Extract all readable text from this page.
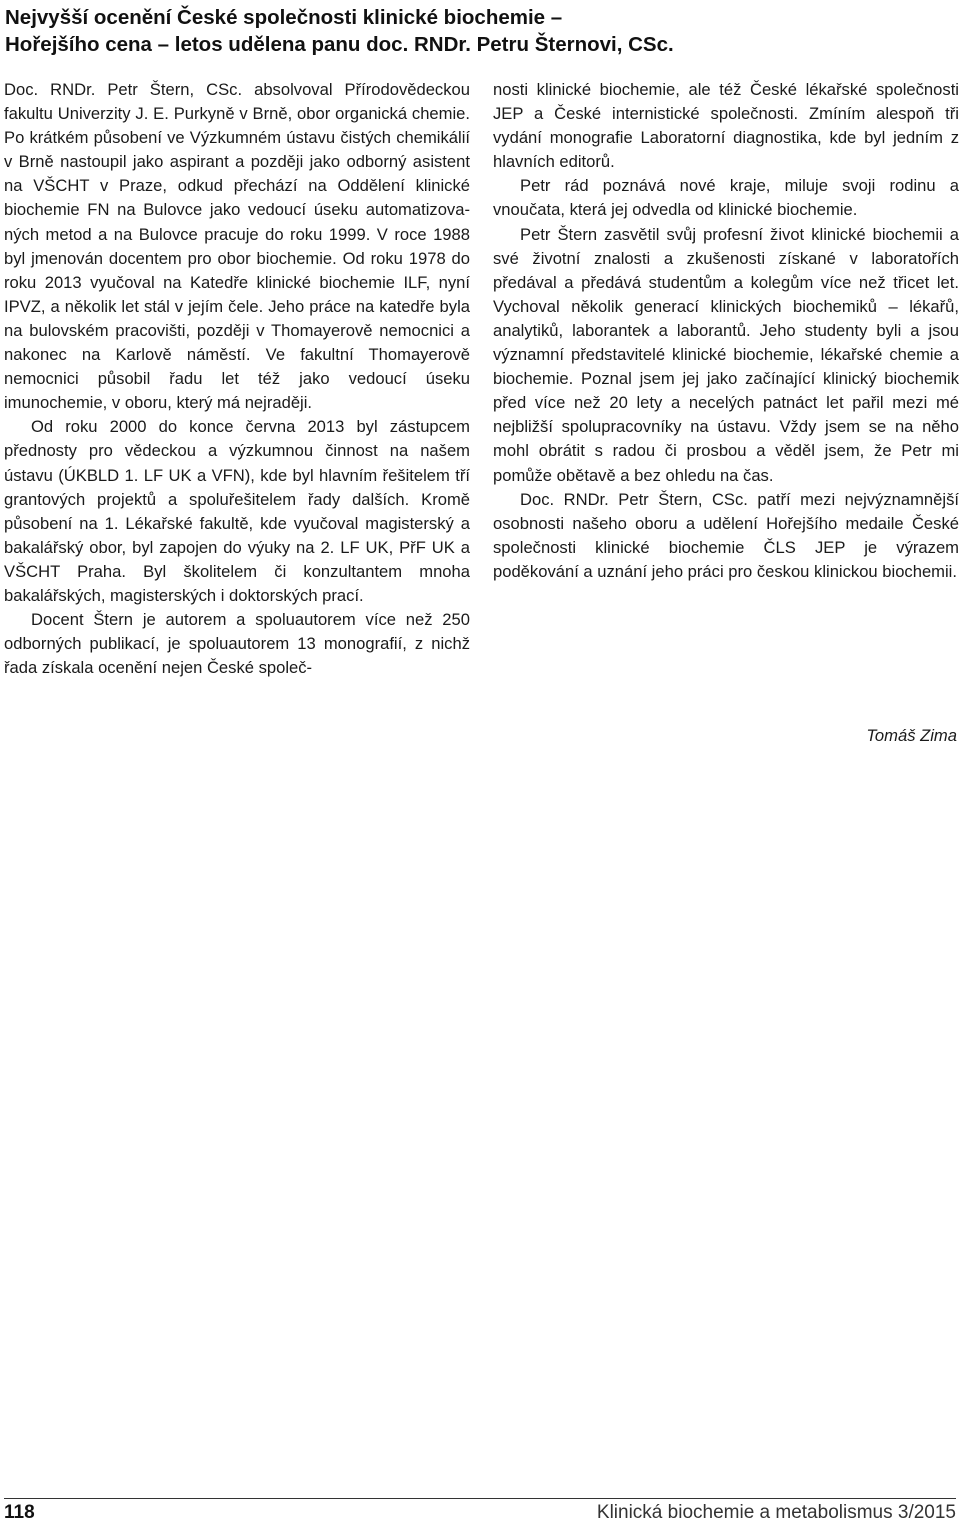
Nejvyšší ocenění České společnosti klinické biochemie –
Hořejšího cena – letos udělena panu doc. RNDr. Petru Šternovi, CSc.

Doc. RNDr. Petr Štern, CSc. absolvoval Přírodovědeckou fakultu Univerzity J. E. Purkyně v Brně, obor organická chemie. Po krátkém působení ve Výzkumném ústavu čistých chemikálií v Brně nastoupil jako aspirant a později jako odborný asistent na VŠCHT v Praze, odkud přechází na Oddělení klinické biochemie FN na Bulovce jako vedoucí úseku automatizovaných metod a na Bulovce pracuje do roku 1999. V roce 1988 byl jmenován docentem pro obor biochemie. Od roku 1978 do roku 2013 vyučoval na Katedře klinické biochemie ILF, nyní IPVZ, a několik let stál v jejím čele. Jeho práce na katedře byla na bulovském pracovišti, později v Thomayerově nemocnici a nakonec na Karlově náměstí. Ve fakultní Thomayerově nemocnici působil řadu let též jako vedoucí úseku imunochemie, v oboru, který má nejraději.

Od roku 2000 do konce června 2013 byl zástupcem přednosty pro vědeckou a výzkumnou činnost na našem ústavu (ÚKBLD 1. LF UK a VFN), kde byl hlavním řešitelem tří grantových projektů a spoluřešitelem řady dalších. Kromě působení na 1. Lékařské fakultě, kde vyučoval magisterský a bakalářský obor, byl zapojen do výuky na 2. LF UK, PřF UK a VŠCHT Praha. Byl školitelem či konzultantem mnoha bakalářských, magisterských i doktorských prací.

Docent Štern je autorem a spoluautorem více než 250 odborných publikací, je spoluautorem 13 monografií, z nichž řada získala ocenění nejen České společ-

nosti klinické biochemie, ale též České lékařské společnosti JEP a České internistické společnosti. Zmíním alespoň tři vydání monografie Laboratorní diagnostika, kde byl jedním z hlavních editorů.

Petr rád poznává nové kraje, miluje svoji rodinu a vnoučata, která jej odvedla od klinické biochemie.

Petr Štern zasvětil svůj profesní život klinické biochemii a své životní znalosti a zkušenosti získané v laboratořích předával a předává studentům a kolegům více než třicet let. Vychoval několik generací klinických biochemiků – lékařů, analytiků, laborantek a laborantů. Jeho studenty byli a jsou významní představitelé klinické biochemie, lékařské chemie a biochemie. Poznal jsem jej jako začínající klinický biochemik před více než 20 lety a necelých patnáct let pařil mezi mé nejbližší spolupracovníky na ústavu. Vždy jsem se na něho mohl obrátit s radou či prosbou a věděl jsem, že Petr mi pomůže obětavě a bez ohledu na čas.

Doc. RNDr. Petr Štern, CSc. patří mezi nejvýznamnější osobnosti našeho oboru a udělení Hořejšího medaile České společnosti klinické biochemie ČLS JEP je výrazem poděkování a uznání jeho práci pro českou klinickou biochemii.

Tomáš Zima
118	Klinická biochemie a metabolismus 3/2015
